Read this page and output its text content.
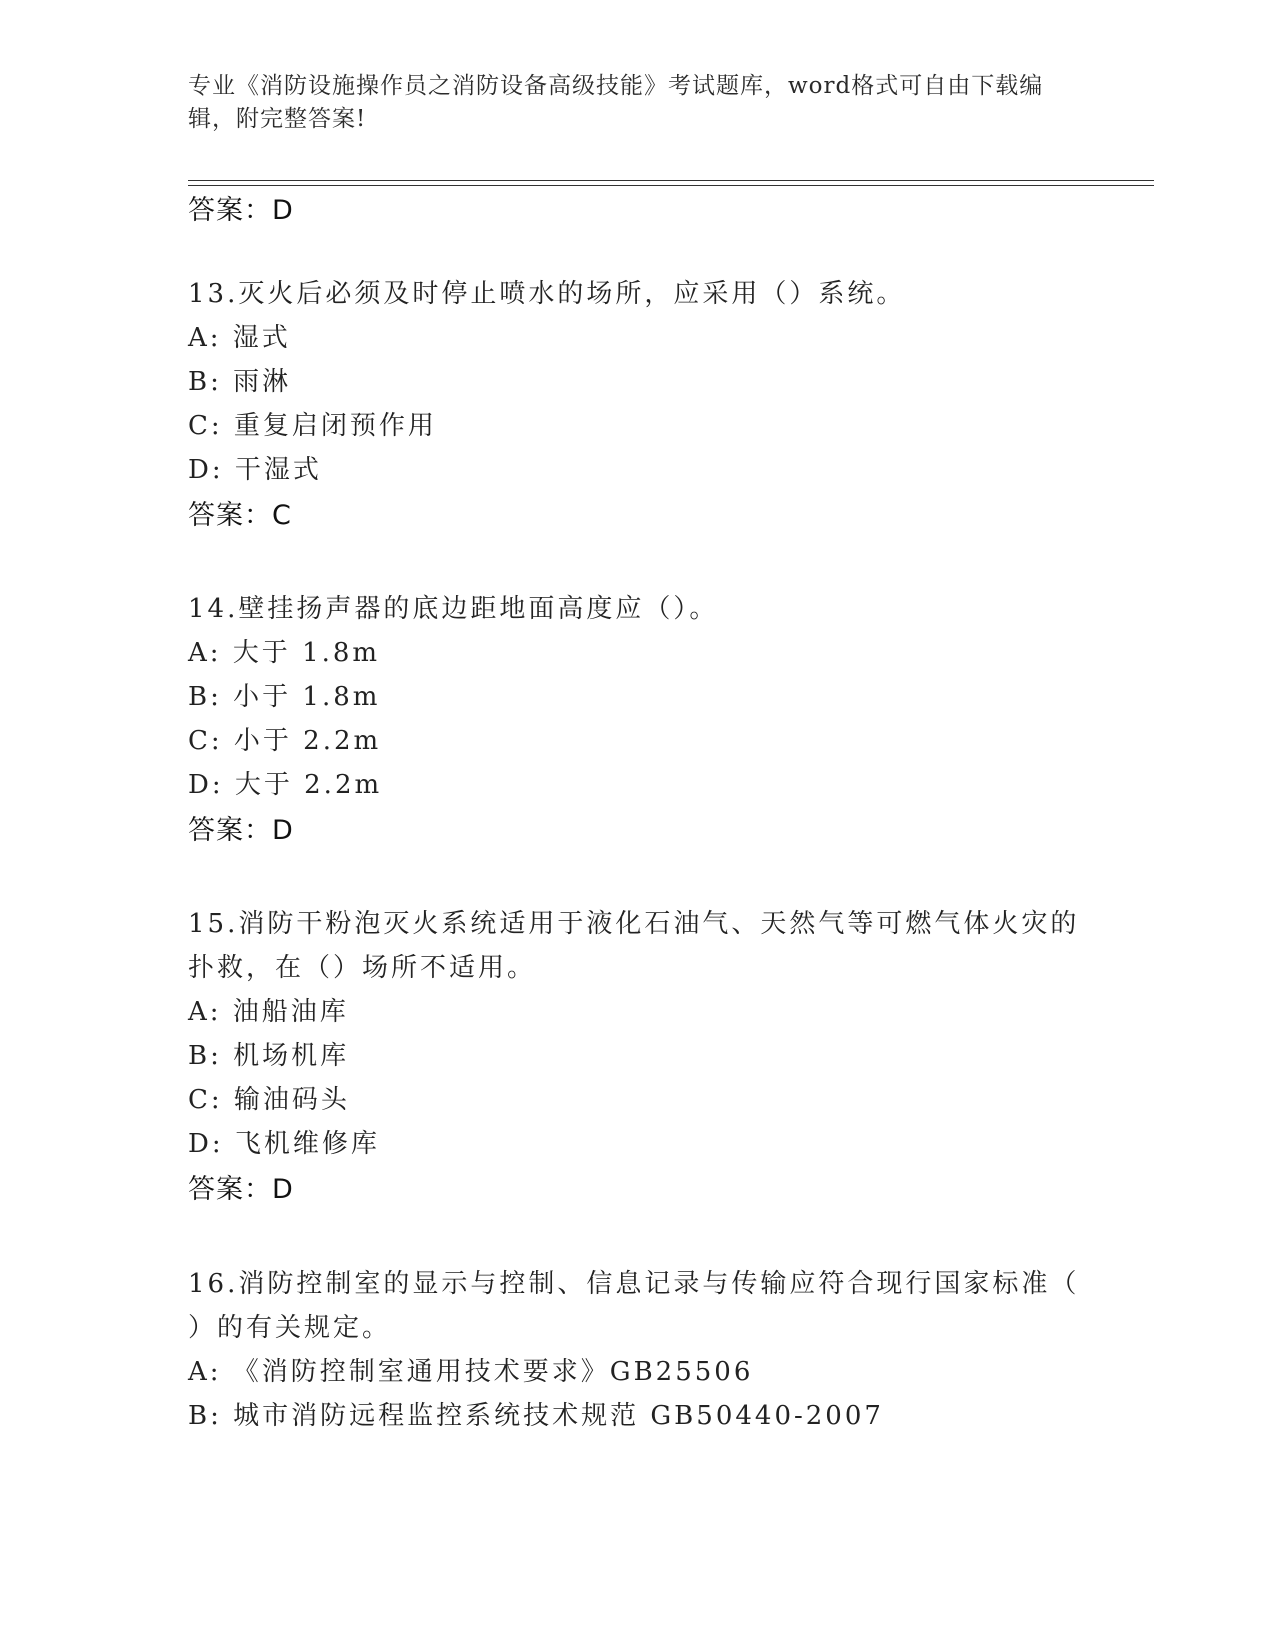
专业《消防设施操作员之消防设备高级技能》考试题库，word格式可自由下载编
辑，附完整答案!
答案：D
13.灭火后必须及时停止喷水的场所，应采用（）系统。
A: 湿式
B: 雨淋
C: 重复启闭预作用
D: 干湿式
答案：C
14.壁挂扬声器的底边距地面高度应（）。
A: 大于 1.8m
B: 小于 1.8m
C: 小于 2.2m
D: 大于 2.2m
答案：D
15.消防干粉泡灭火系统适用于液化石油气、天然气等可燃气体火灾的
扑救，在（）场所不适用。
A: 油船油库
B: 机场机库
C: 输油码头
D: 飞机维修库
答案：D
16.消防控制室的显示与控制、信息记录与传输应符合现行国家标准（
）的有关规定。
A: 《消防控制室通用技术要求》GB25506
B: 城市消防远程监控系统技术规范 GB50440-2007
